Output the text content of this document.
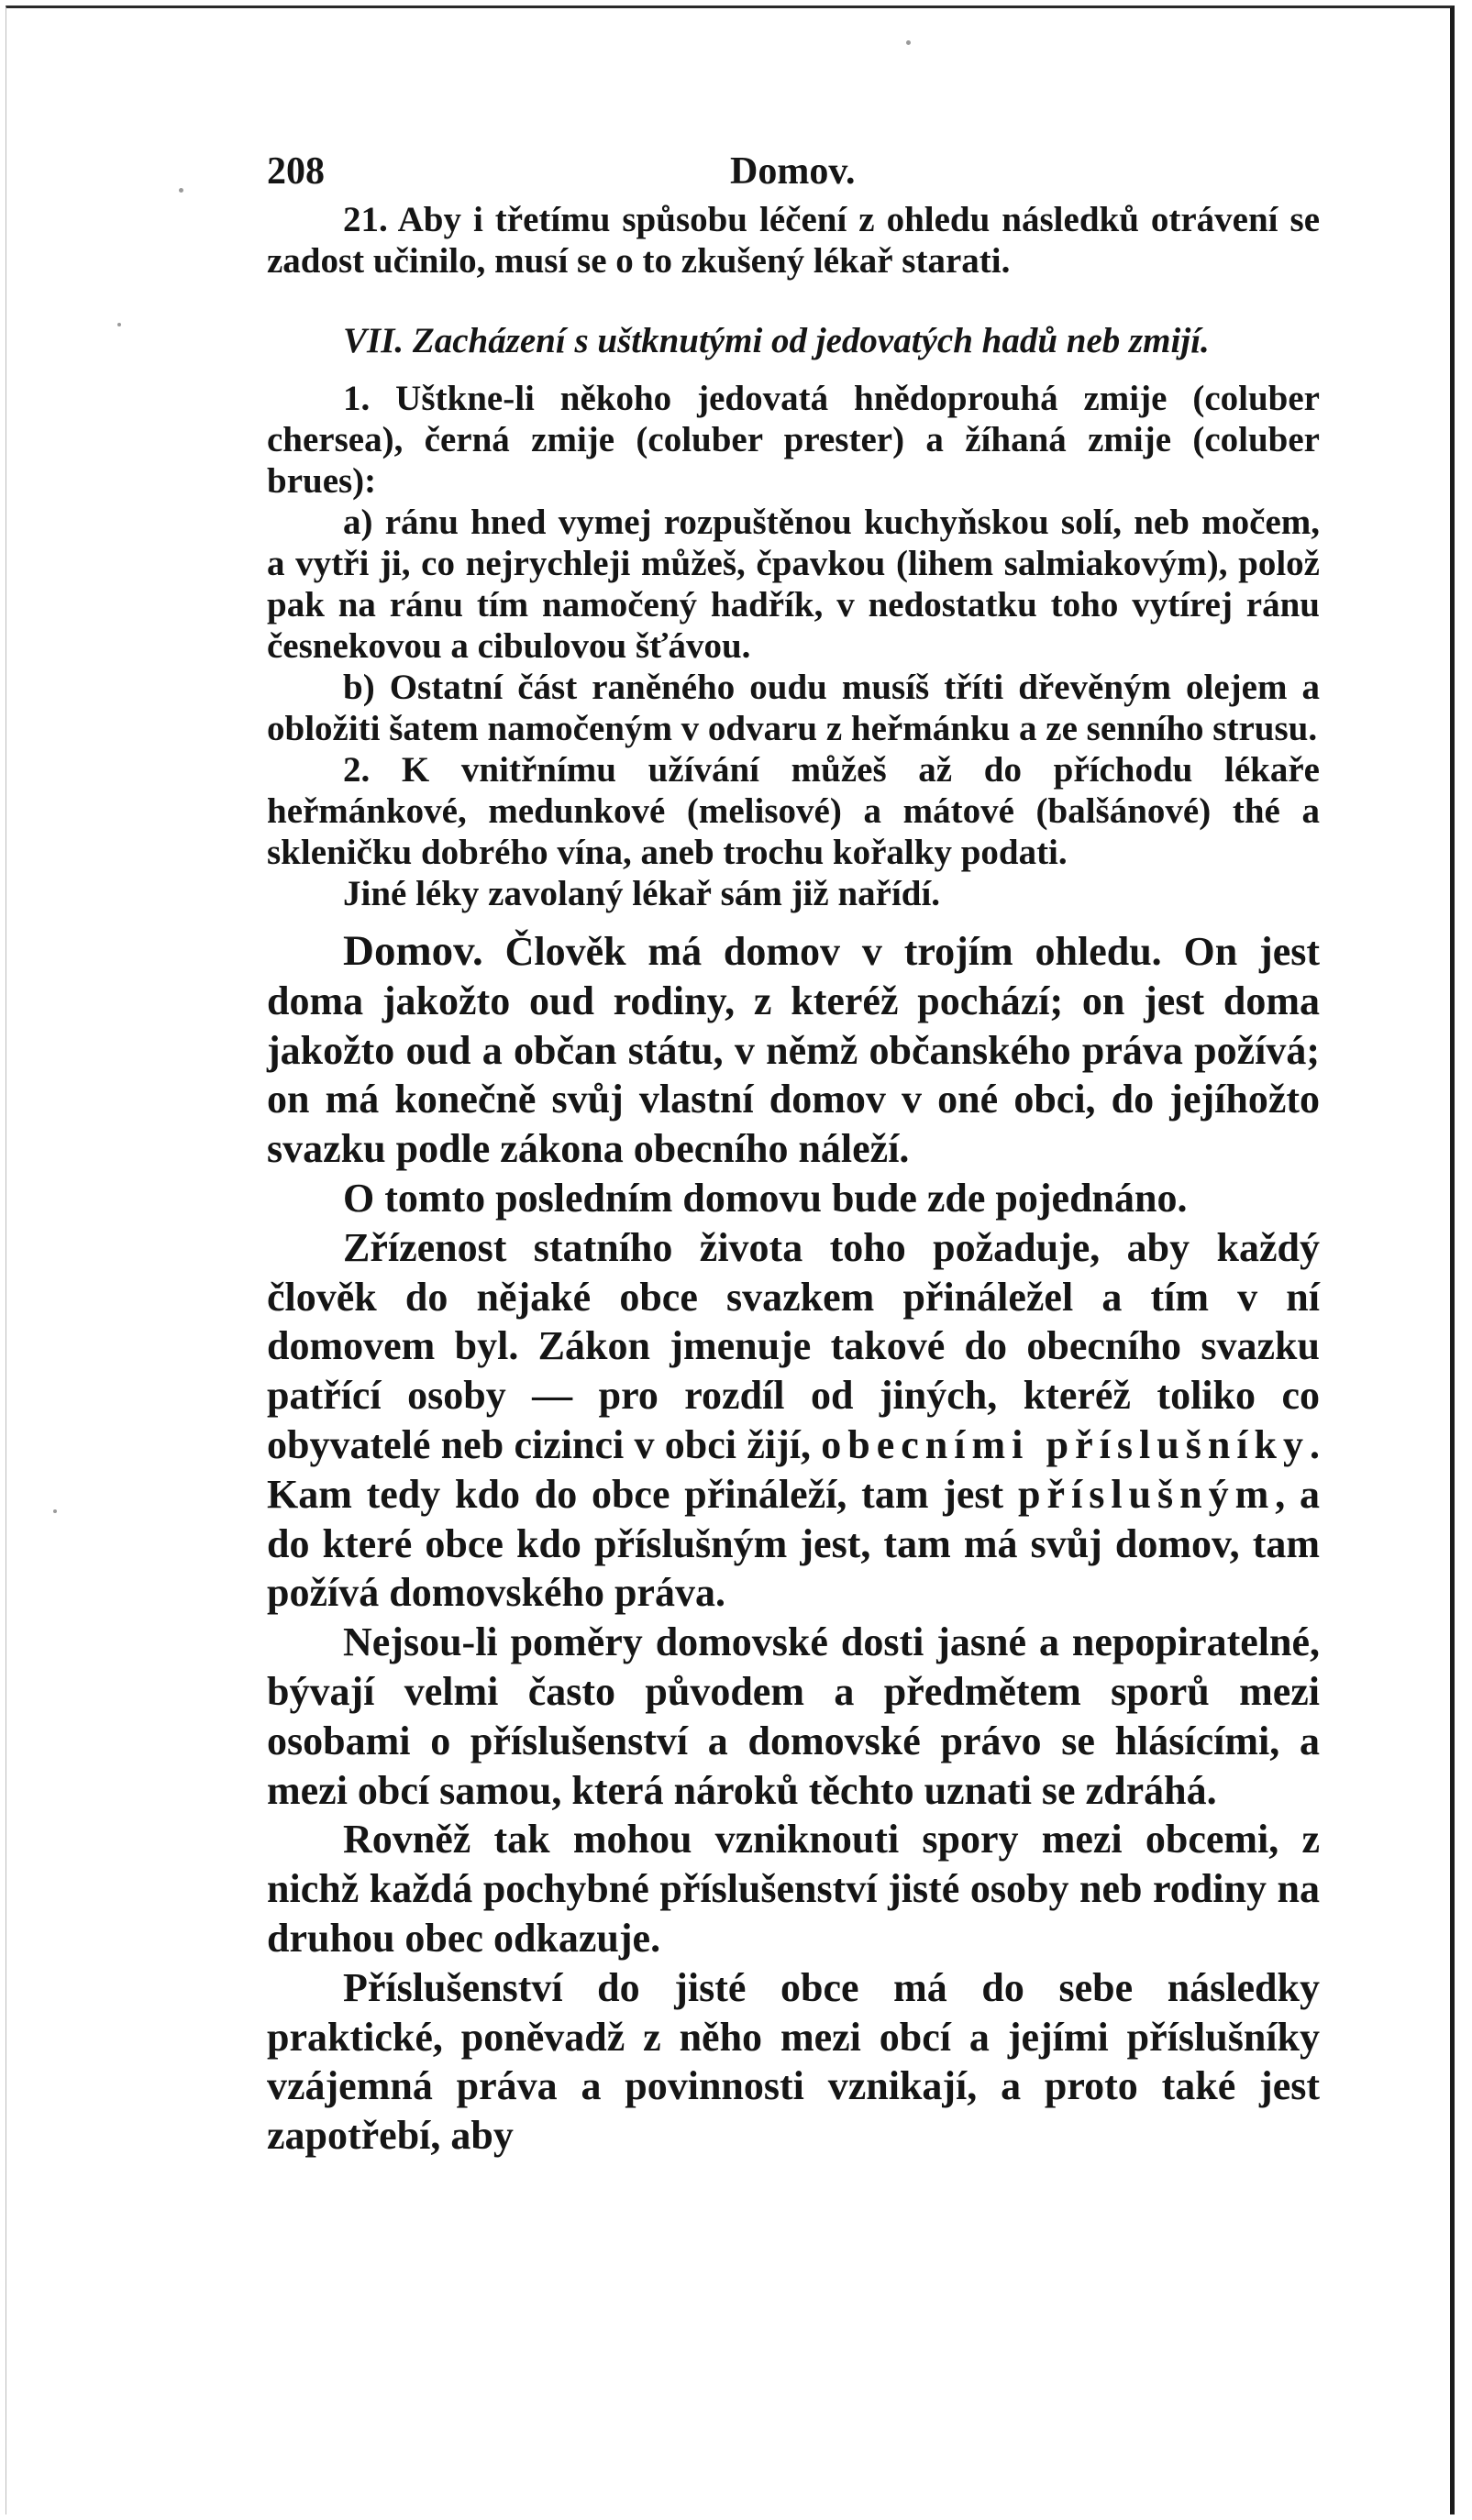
208	Domov.

21. Aby i třetímu spůsobu léčení z ohledu následků otrávení se zadost učinilo, musí se o to zkušený lékař starati.

VII. Zacházení s uštknutými od jedovatých hadů neb zmijí.

1. Uštkne-li někoho jedovatá hnědoprouhá zmije (coluber chersea), černá zmije (coluber prester) a žíhaná zmije (coluber brues):

a) ránu hned vymej rozpuštěnou kuchyňskou solí, neb močem, a vytři ji, co nejrychleji můžeš, čpavkou (lihem salmiakovým), polož pak na ránu tím namočený hadřík, v nedostatku toho vytírej ránu česnekovou a cibulovou šťávou.

b) Ostatní část raněného oudu musíš tříti dřevěným olejem a obložiti šatem namočeným v odvaru z heřmánku a ze senního strusu.

2. K vnitřnímu užívání můžeš až do příchodu lékaře heřmánkové, medunkové (melisové) a mátové (balšánové) thé a skleničku dobrého vína, aneb trochu kořalky podati.

Jiné léky zavolaný lékař sám již nařídí.

Domov. Člověk má domov v trojím ohledu. On jest doma jakožto oud rodiny, z kteréž pochází; on jest doma jakožto oud a občan státu, v němž občanského práva požívá; on má konečně svůj vlastní domov v oné obci, do jejíhožto svazku podle zákona obecního náleží.

O tomto posledním domovu bude zde pojednáno.

Zřízenost statního života toho požaduje, aby každý člověk do nějaké obce svazkem přináležel a tím v ní domovem byl. Zákon jmenuje takové do obecního svazku patřící osoby — pro rozdíl od jiných, kteréž toliko co obyvatelé neb cizinci v obci žijí, obecními příslušníky. Kam tedy kdo do obce přináleží, tam jest příslušným, a do které obce kdo příslušným jest, tam má svůj domov, tam požívá domovského práva.

Nejsou-li poměry domovské dosti jasné a nepopiratelné, bývají velmi často původem a předmětem sporů mezi osobami o příslušenství a domovské právo se hlásícími, a mezi obcí samou, která nároků těchto uznati se zdráhá.

Rovněž tak mohou vzniknouti spory mezi obcemi, z nichž každá pochybné příslušenství jisté osoby neb rodiny na druhou obec odkazuje.

Příslušenství do jisté obce má do sebe následky praktické, poněvadž z něho mezi obcí a jejími příslušníky vzájemná práva a povinnosti vznikají, a proto také jest zapotřebí, aby
